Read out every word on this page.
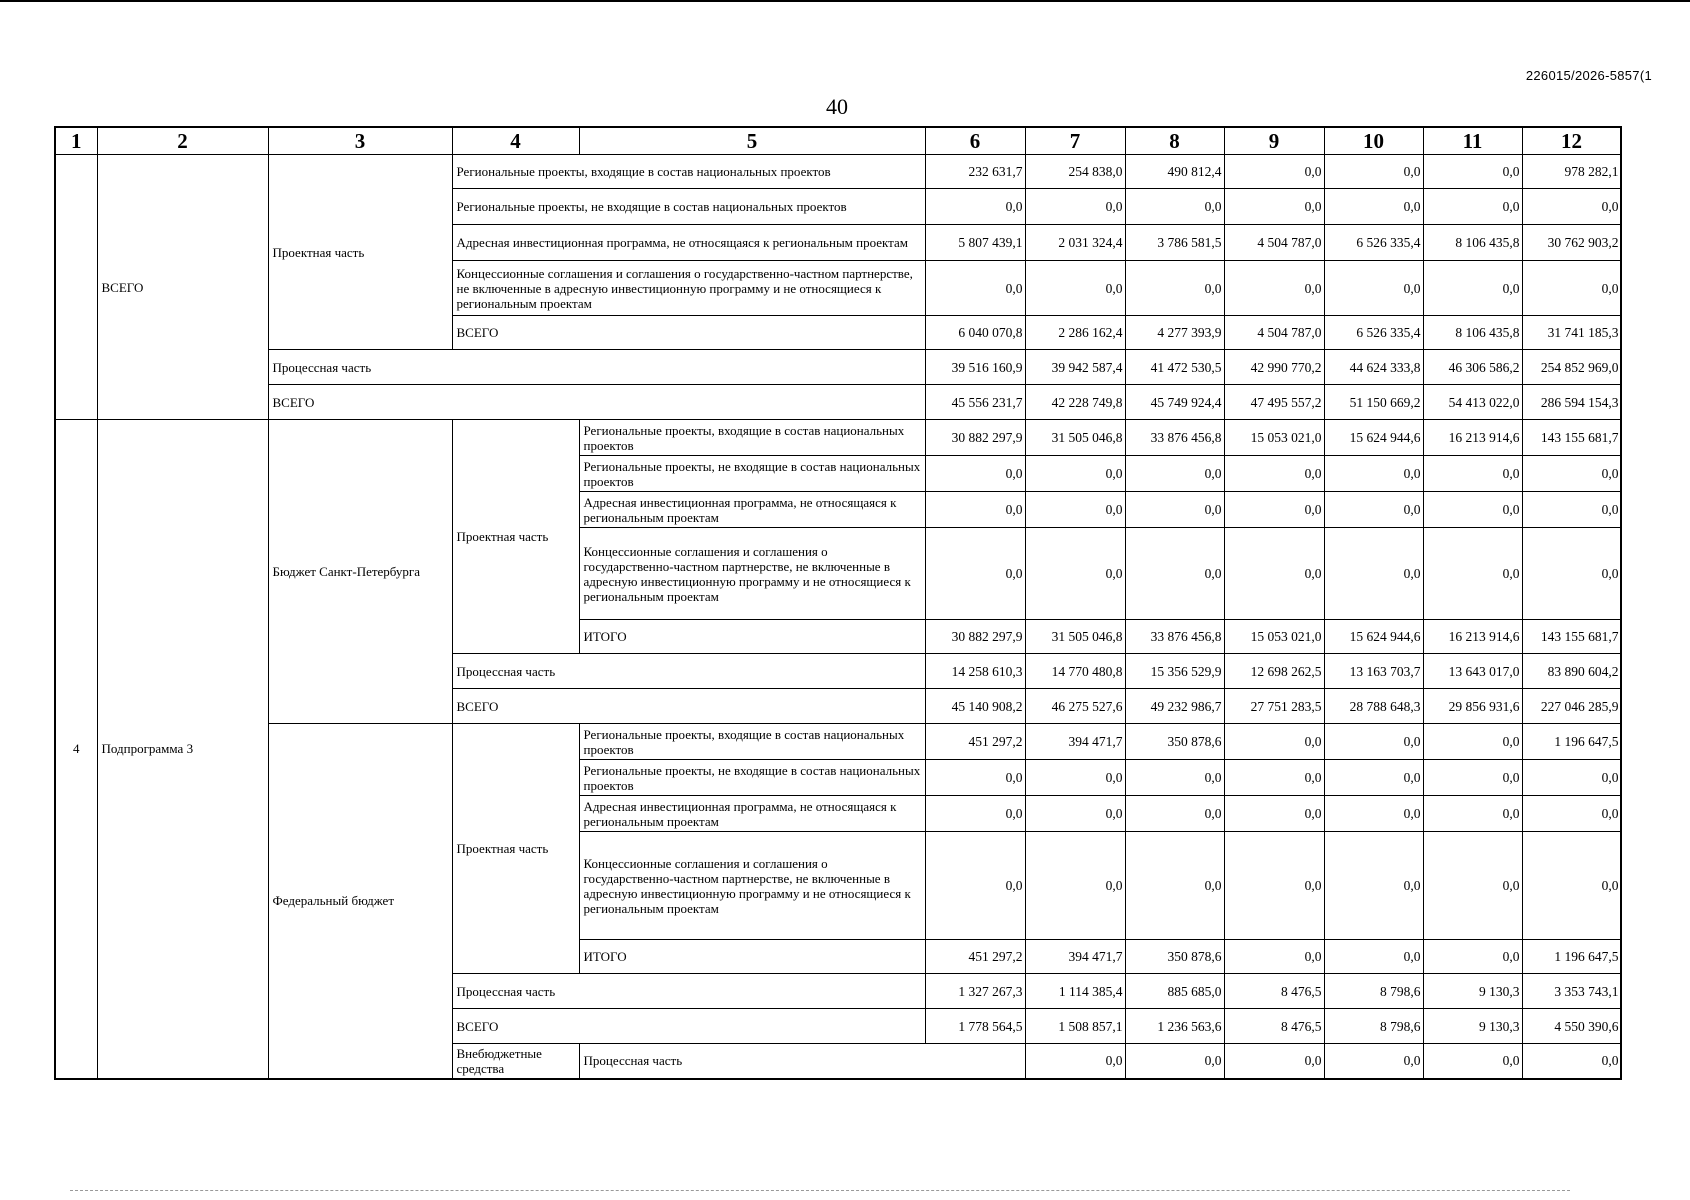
226015/2026-5857(1
40
1	2	3	4	5	6	7	8	9	10	11	12	
	ВСЕГО	Проектная часть	Региональные проекты, входящие в состав национальных проектов		232 631,7	254 838,0	490 812,4	0,0	0,0	0,0	978 282,1	
			Региональные проекты, не входящие в состав национальных проектов		0,0	0,0	0,0	0,0	0,0	0,0	0,0	
			Адресная инвестиционная программа, не относящаяся к региональным проектам		5 807 439,1	2 031 324,4	3 786 581,5	4 504 787,0	6 526 335,4	8 106 435,8	30 762 903,2	
			Концессионные соглашения и соглашения о государственно-частном партнерстве, не включенные в адресную инвестиционную программу и не относящиеся к региональным проектам		0,0	0,0	0,0	0,0	0,0	0,0	0,0	
			ВСЕГО		6 040 070,8	2 286 162,4	4 277 393,9	4 504 787,0	6 526 335,4	8 106 435,8	31 741 185,3	
		Процессная часть			39 516 160,9	39 942 587,4	41 472 530,5	42 990 770,2	44 624 333,8	46 306 586,2	254 852 969,0	
		ВСЕГО			45 556 231,7	42 228 749,8	45 749 924,4	47 495 557,2	51 150 669,2	54 413 022,0	286 594 154,3	
4	Подпрограмма 3	Бюджет Санкт-Петербурга	Проектная часть	Региональные проекты, входящие в состав национальных проектов	30 882 297,9	31 505 046,8	33 876 456,8	15 053 021,0	15 624 944,6	16 213 914,6	143 155 681,7	
				Региональные проекты, не входящие в состав национальных проектов	0,0	0,0	0,0	0,0	0,0	0,0	0,0	
				Адресная инвестиционная программа, не относящаяся к региональным проектам	0,0	0,0	0,0	0,0	0,0	0,0	0,0	
				Концессионные соглашения и соглашения о государственно-частном партнерстве, не включенные в адресную инвестиционную программу и не относящиеся к региональным проектам	0,0	0,0	0,0	0,0	0,0	0,0	0,0	
				ИТОГО	30 882 297,9	31 505 046,8	33 876 456,8	15 053 021,0	15 624 944,6	16 213 914,6	143 155 681,7	
			Процессная часть		14 258 610,3	14 770 480,8	15 356 529,9	12 698 262,5	13 163 703,7	13 643 017,0	83 890 604,2	
			ВСЕГО		45 140 908,2	46 275 527,6	49 232 986,7	27 751 283,5	28 788 648,3	29 856 931,6	227 046 285,9	
		Федеральный бюджет	Проектная часть	Региональные проекты, входящие в состав национальных проектов	451 297,2	394 471,7	350 878,6	0,0	0,0	0,0	1 196 647,5	
				Региональные проекты, не входящие в состав национальных проектов	0,0	0,0	0,0	0,0	0,0	0,0	0,0	
				Адресная инвестиционная программа, не относящаяся к региональным проектам	0,0	0,0	0,0	0,0	0,0	0,0	0,0	
				Концессионные соглашения и соглашения о государственно-частном партнерстве, не включенные в адресную инвестиционную программу и не относящиеся к региональным проектам	0,0	0,0	0,0	0,0	0,0	0,0	0,0	
				ИТОГО	451 297,2	394 471,7	350 878,6	0,0	0,0	0,0	1 196 647,5	
			Процессная часть		1 327 267,3	1 114 385,4	885 685,0	8 476,5	8 798,6	9 130,3	3 353 743,1	
			ВСЕГО		1 778 564,5	1 508 857,1	1 236 563,6	8 476,5	8 798,6	9 130,3	4 550 390,6	
			Внебюджетные средства	Процессная часть		0,0	0,0	0,0	0,0	0,0	0,0	
